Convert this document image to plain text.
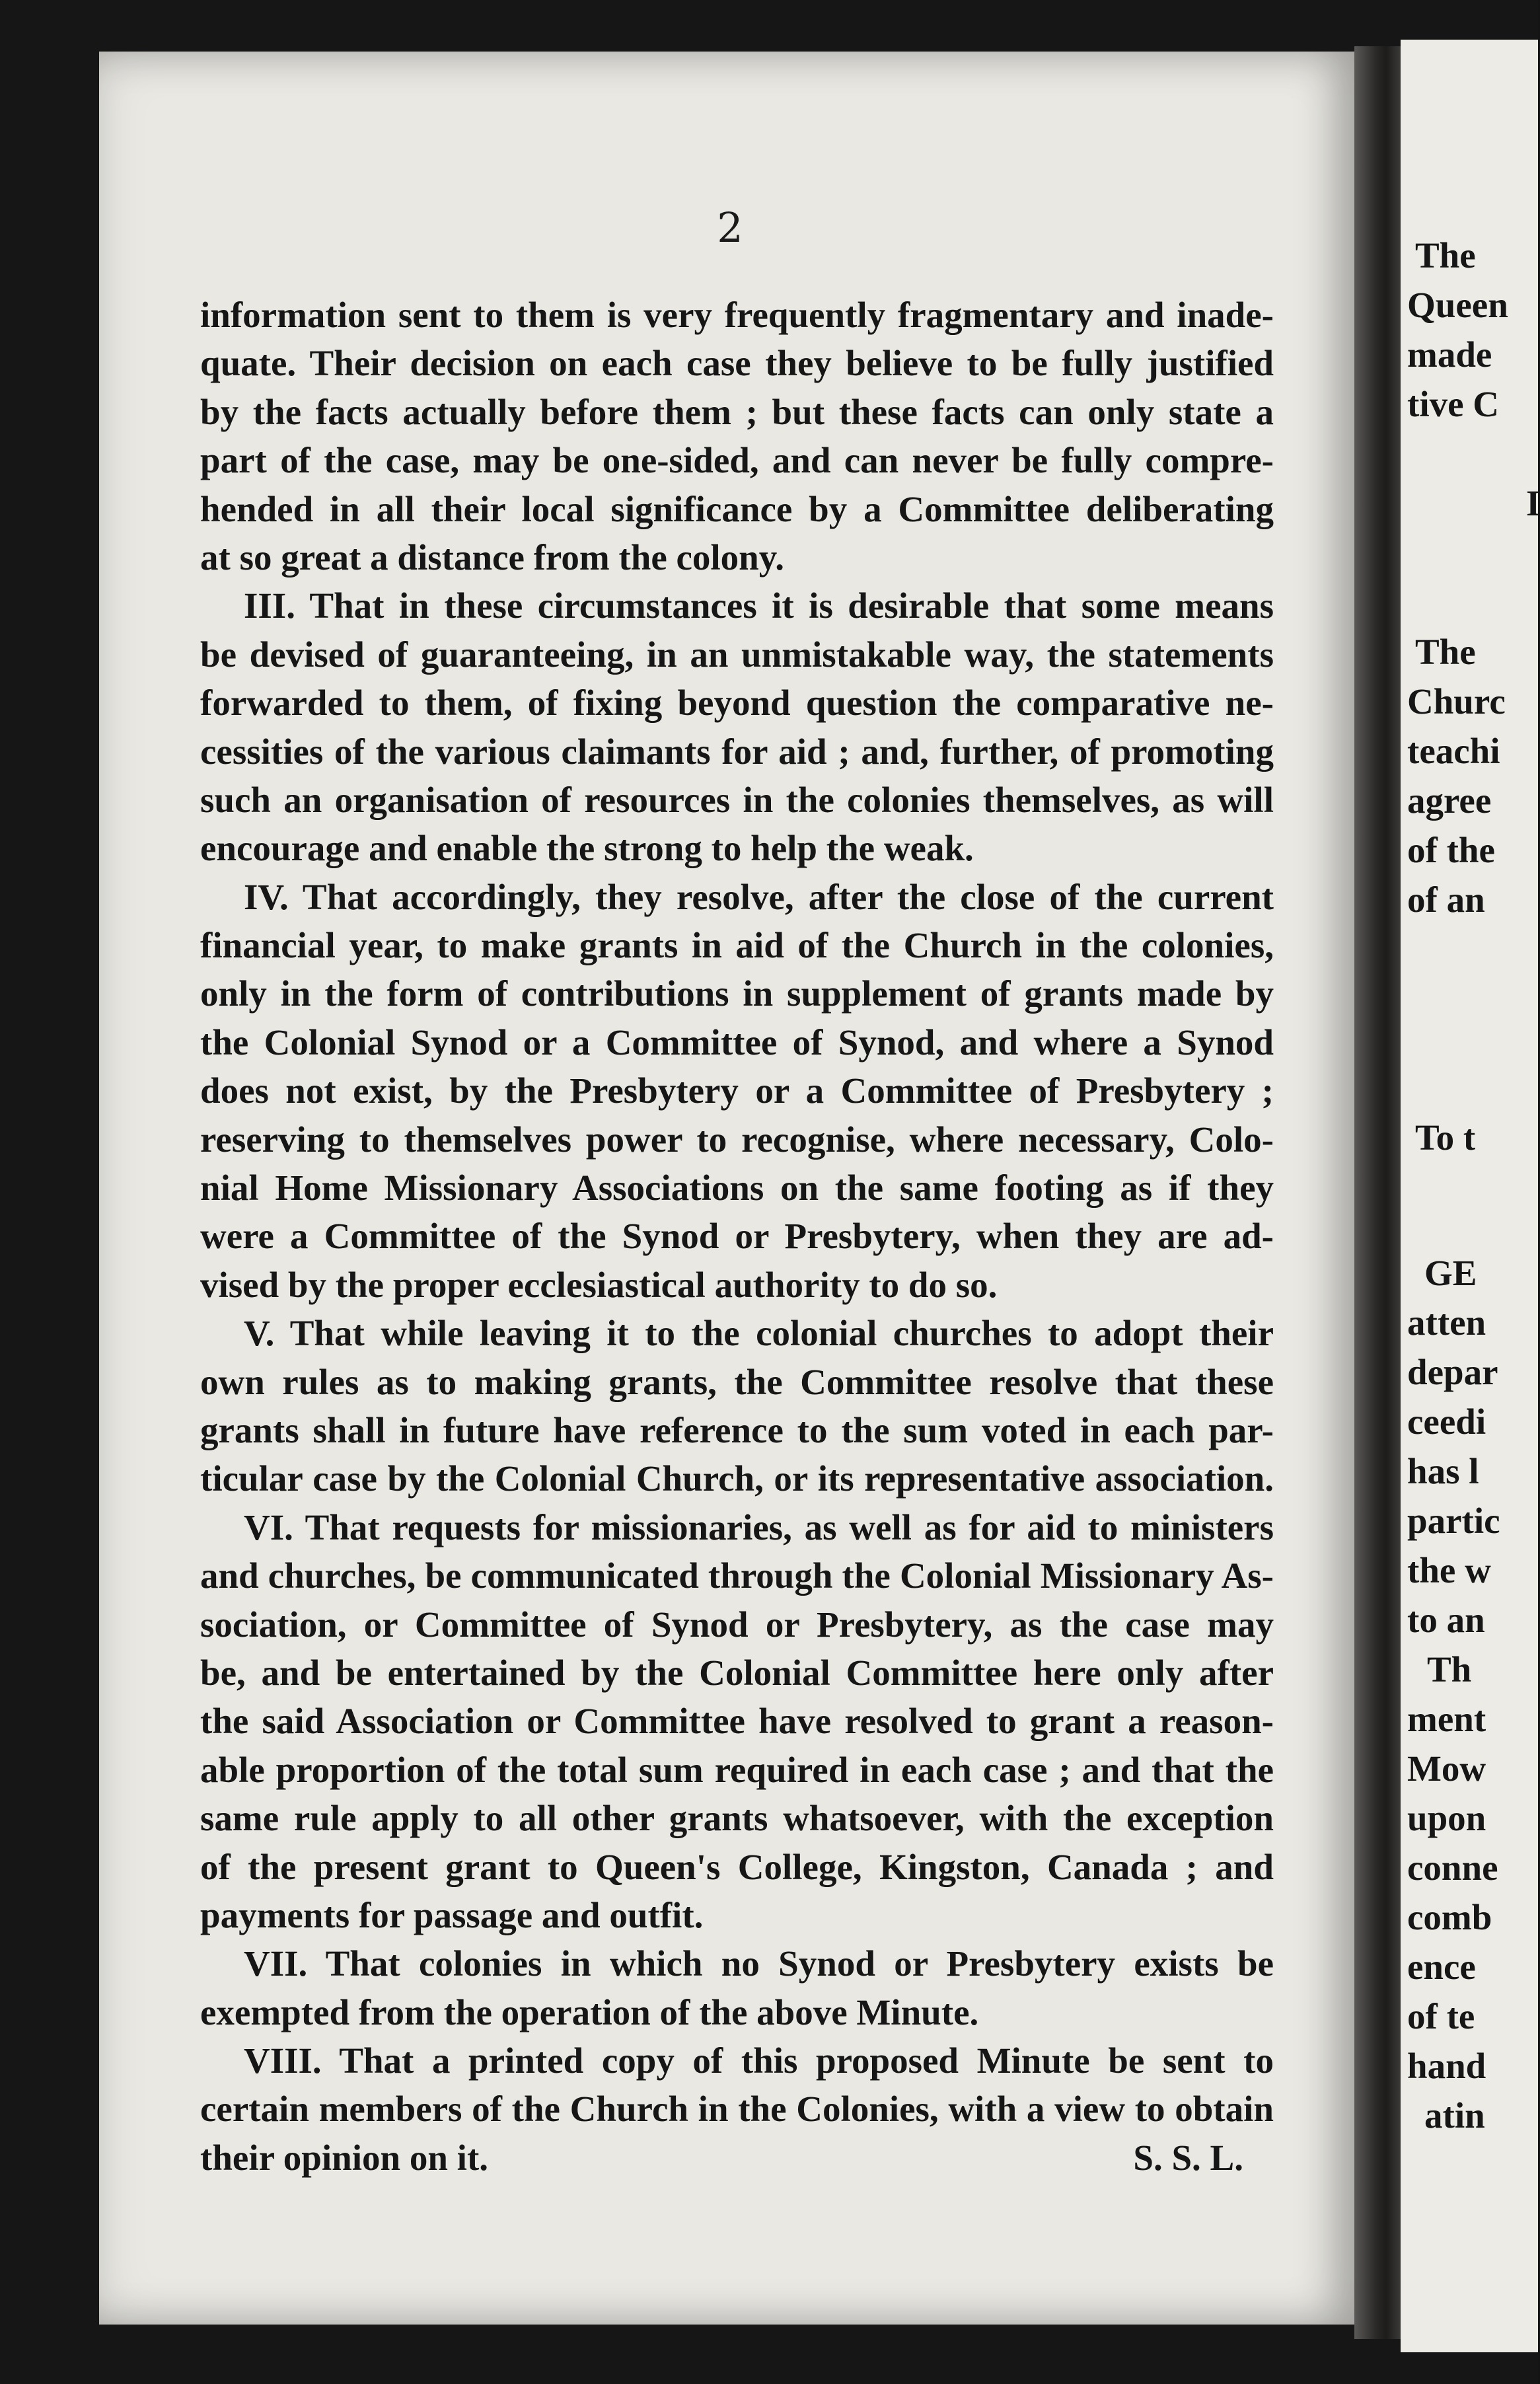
The
Queen
made
tive C
I
The
Churc
teachi
agree
of the
of an
To t
GE
atten
depar
ceedi
has l
partic
the w
to an
Th
ment
Mow
upon
conne
comb
ence
of te
hand
atin
2
information sent to them is very frequently fragmentary and inade-
quate. Their decision on each case they believe to be fully justified
by the facts actually before them ; but these facts can only state a
part of the case, may be one-sided, and can never be fully compre-
hended in all their local significance by a Committee deliberating
at so great a distance from the colony.
III. That in these circumstances it is desirable that some means
be devised of guaranteeing, in an unmistakable way, the statements
forwarded to them, of fixing beyond question the comparative ne-
cessities of the various claimants for aid ; and, further, of promoting
such an organisation of resources in the colonies themselves, as will
encourage and enable the strong to help the weak.
IV. That accordingly, they resolve, after the close of the current
financial year, to make grants in aid of the Church in the colonies,
only in the form of contributions in supplement of grants made by
the Colonial Synod or a Committee of Synod, and where a Synod
does not exist, by the Presbytery or a Committee of Presbytery ;
reserving to themselves power to recognise, where necessary, Colo-
nial Home Missionary Associations on the same footing as if they
were a Committee of the Synod or Presbytery, when they are ad-
vised by the proper ecclesiastical authority to do so.
V. That while leaving it to the colonial churches to adopt their
own rules as to making grants, the Committee resolve that these
grants shall in future have reference to the sum voted in each par-
ticular case by the Colonial Church, or its representative association.
VI. That requests for missionaries, as well as for aid to ministers
and churches, be communicated through the Colonial Missionary As-
sociation, or Committee of Synod or Presbytery, as the case may
be, and be entertained by the Colonial Committee here only after
the said Association or Committee have resolved to grant a reason-
able proportion of the total sum required in each case ; and that the
same rule apply to all other grants whatsoever, with the exception
of the present grant to Queen's College, Kingston, Canada ; and
payments for passage and outfit.
VII. That colonies in which no Synod or Presbytery exists be
exempted from the operation of the above Minute.
VIII. That a printed copy of this proposed Minute be sent to
certain members of the Church in the Colonies, with a view to obtain
their opinion on it.	S. S. L.
